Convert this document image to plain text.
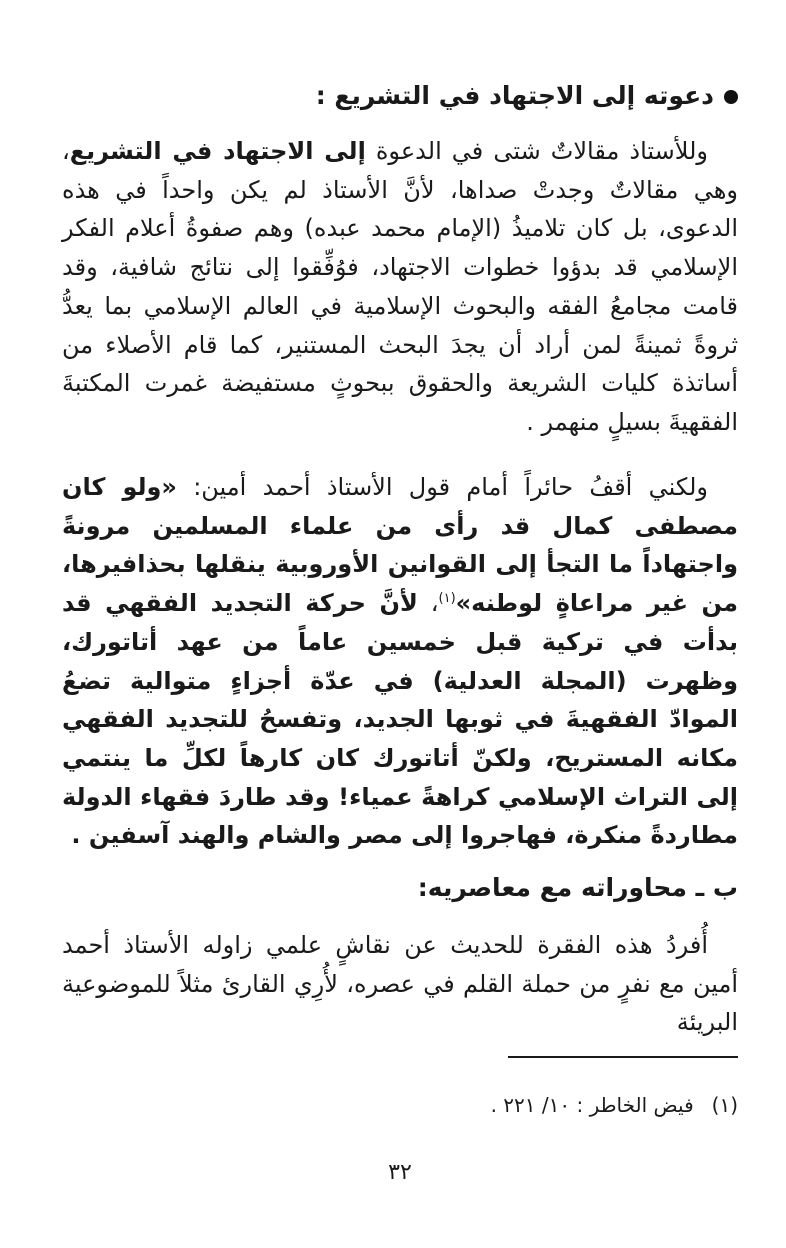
دعوته إلى الاجتهاد في التشريع :
وللأستاذ مقالاتٌ شتى في الدعوة إلى الاجتهاد في التشريع، وهي مقالاتٌ وجدتْ صداها، لأنَّ الأستاذ لم يكن واحداً في هذه الدعوى، بل كان تلاميذُ (الإمام محمد عبده) وهم صفوةُ أعلام الفكر الإسلامي قد بدؤوا خطوات الاجتهاد، فوُفِّقوا إلى نتائج شافية، وقد قامت مجامعُ الفقه والبحوث الإسلامية في العالم الإسلامي بما يعدُّ ثروةً ثمينةً لمن أراد أن يجدَ البحث المستنير، كما قام الأصلاء من أساتذة كليات الشريعة والحقوق ببحوثٍ مستفيضة غمرت المكتبةَ الفقهيةَ بسيلٍ منهمر .
ولكني أقفُ حائراً أمام قول الأستاذ أحمد أمين: «ولو كان مصطفى كمال قد رأى من علماء المسلمين مرونةً واجتهاداً ما التجأ إلى القوانين الأوروبية ينقلها بحذافيرها، من غير مراعاةٍ لوطنه»$^{(١)}$، لأنَّ حركة التجديد الفقهي قد بدأت في تركية قبل خمسين عاماً من عهد أتاتورك، وظهرت (المجلة العدلية) في عدّة أجزاءٍ متوالية تضعُ الموادّ الفقهيةَ في ثوبها الجديد، وتفسحُ للتجديد الفقهي مكانه المستريح، ولكنّ أتاتورك كان كارهاً لكلِّ ما ينتمي إلى التراث الإسلامي كراهةً عمياء! وقد طاردَ فقهاء الدولة مطاردةً منكرة، فهاجروا إلى مصر والشام والهند آسفين .
ب ـ محاوراته مع معاصريه:
أُفردُ هذه الفقرة للحديث عن نقاشٍ علمي زاوله الأستاذ أحمد أمين مع نفرٍ من حملة القلم في عصره، لأُرِي القارئ مثلاً للموضوعية البريئة
(١)فيض الخاطر : ١٠/ ٢٢١ .
٣٢
